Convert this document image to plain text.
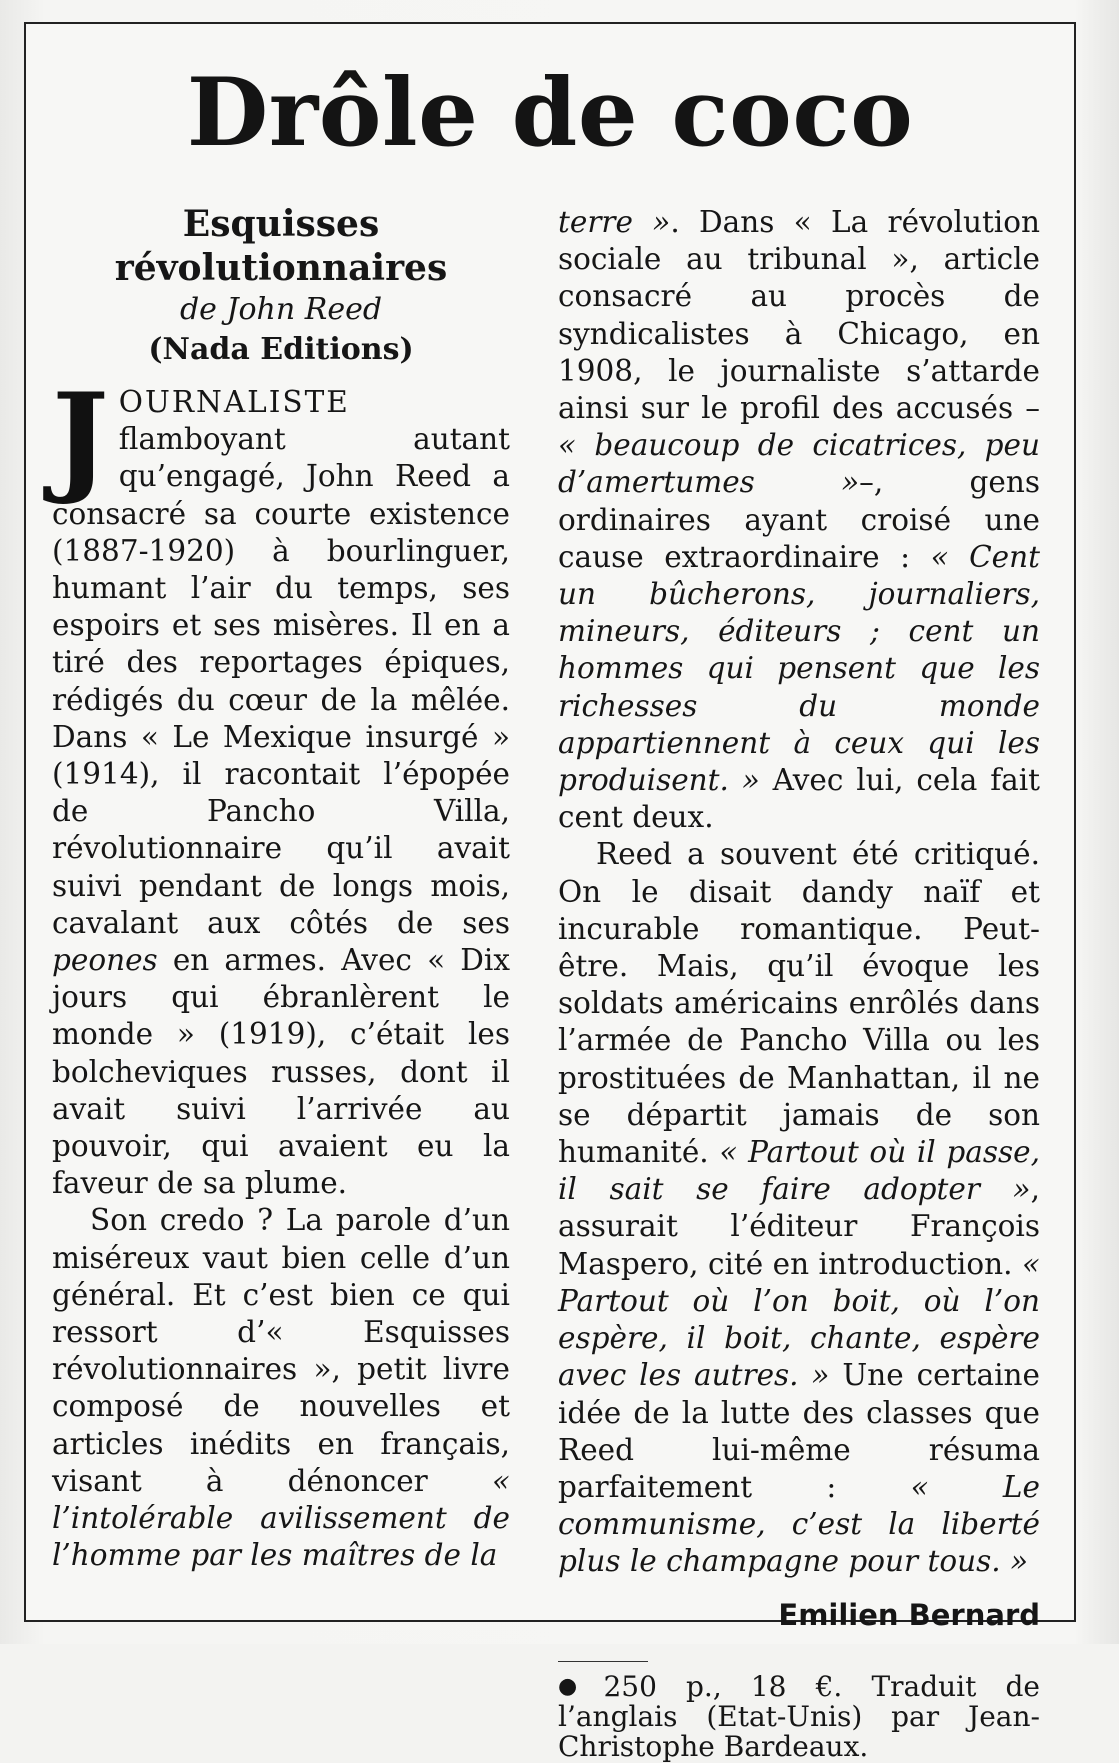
Drôle de coco
Esquisses révolutionnaires
de John Reed
(Nada Editions)

JOURNALISTE flamboyant autant qu’engagé, John Reed a consacré sa courte existence (1887-1920) à bourlinguer, humant l’air du temps, ses espoirs et ses misères. Il en a tiré des reportages épiques, rédigés du cœur de la mêlée. Dans « Le Mexique insurgé » (1914), il racontait l’épopée de Pancho Villa, révolutionnaire qu’il avait suivi pendant de longs mois, cavalant aux côtés de ses peones en armes. Avec « Dix jours qui ébranlèrent le monde » (1919), c’était les bolcheviques russes, dont il avait suivi l’arrivée au pouvoir, qui avaient eu la faveur de sa plume.

Son credo ? La parole d’un miséreux vaut bien celle d’un général. Et c’est bien ce qui ressort d’« Esquisses révolutionnaires », petit livre composé de nouvelles et articles inédits en français, visant à dénoncer « l’intolérable avilissement de l’homme par les maîtres de la

terre ». Dans « La révolution sociale au tribunal », article consacré au procès de syndicalistes à Chicago, en 1908, le journaliste s’attarde ainsi sur le profil des accusés – « beaucoup de cicatrices, peu d’amertumes »–, gens ordinaires ayant croisé une cause extraordinaire : « Cent un bûcherons, journaliers, mineurs, éditeurs ; cent un hommes qui pensent que les richesses du monde appartiennent à ceux qui les produisent. » Avec lui, cela fait cent deux.

Reed a souvent été critiqué. On le disait dandy naïf et incurable romantique. Peut-être. Mais, qu’il évoque les soldats américains enrôlés dans l’armée de Pancho Villa ou les prostituées de Manhattan, il ne se départit jamais de son humanité. « Partout où il passe, il sait se faire adopter », assurait l’éditeur François Maspero, cité en introduction. « Partout où l’on boit, où l’on espère, il boit, chante, espère avec les autres. » Une certaine idée de la lutte des classes que Reed lui-même résuma parfaitement : « Le communisme, c’est la liberté plus le champagne pour tous. »

Emilien Bernard

● 250 p., 18 €. Traduit de l’anglais (Etat-Unis) par Jean-Christophe Bardeaux.
